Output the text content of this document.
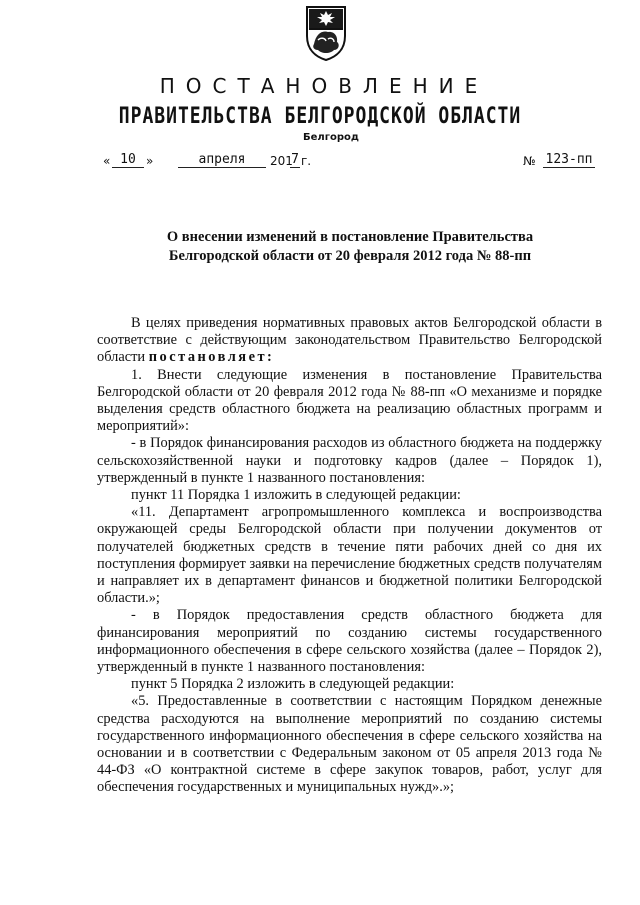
ПОСТАНОВЛЕНИЕ
ПРАВИТЕЛЬСТВА БЕЛГОРОДСКОЙ ОБЛАСТИ
Белгород
« 10 »	апреля	201
7 г.	№ 123-пп

О внесении изменений в постановление Правительства

Белгородской области от 20 февраля 2012 года № 88-пп

В целях приведения нормативных правовых актов Белгородской области в соответствие с действующим законодательством Правительство Белгородской области постановляет:

1. Внести следующие изменения в постановление Правительства Белгородской области от 20 февраля 2012 года № 88-пп «О механизме и порядке выделения средств областного бюджета на реализацию областных программ и мероприятий»:

- в Порядок финансирования расходов из областного бюджета на поддержку сельскохозяйственной науки и подготовку кадров (далее – Порядок 1), утвержденный в пункте 1 названного постановления:

пункт 11 Порядка 1 изложить в следующей редакции:

«11. Департамент агропромышленного комплекса и воспроизводства окружающей среды Белгородской области при получении документов от получателей бюджетных средств в течение пяти рабочих дней со дня их поступления формирует заявки на перечисление бюджетных средств получателям и направляет их в департамент финансов и бюджетной политики Белгородской области.»;

- в Порядок предоставления средств областного бюджета для финансирования мероприятий по созданию системы государственного информационного обеспечения в сфере сельского хозяйства (далее – Порядок 2), утвержденный в пункте 1 названного постановления:

пункт 5 Порядка 2 изложить в следующей редакции:

«5. Предоставленные в соответствии с настоящим Порядком денежные средства расходуются на выполнение мероприятий по созданию системы государственного информационного обеспечения в сфере сельского хозяйства на основании и в соответствии с Федеральным законом от 05 апреля 2013 года № 44-ФЗ «О контрактной системе в сфере закупок товаров, работ, услуг для обеспечения государственных и муниципальных нужд».»;
